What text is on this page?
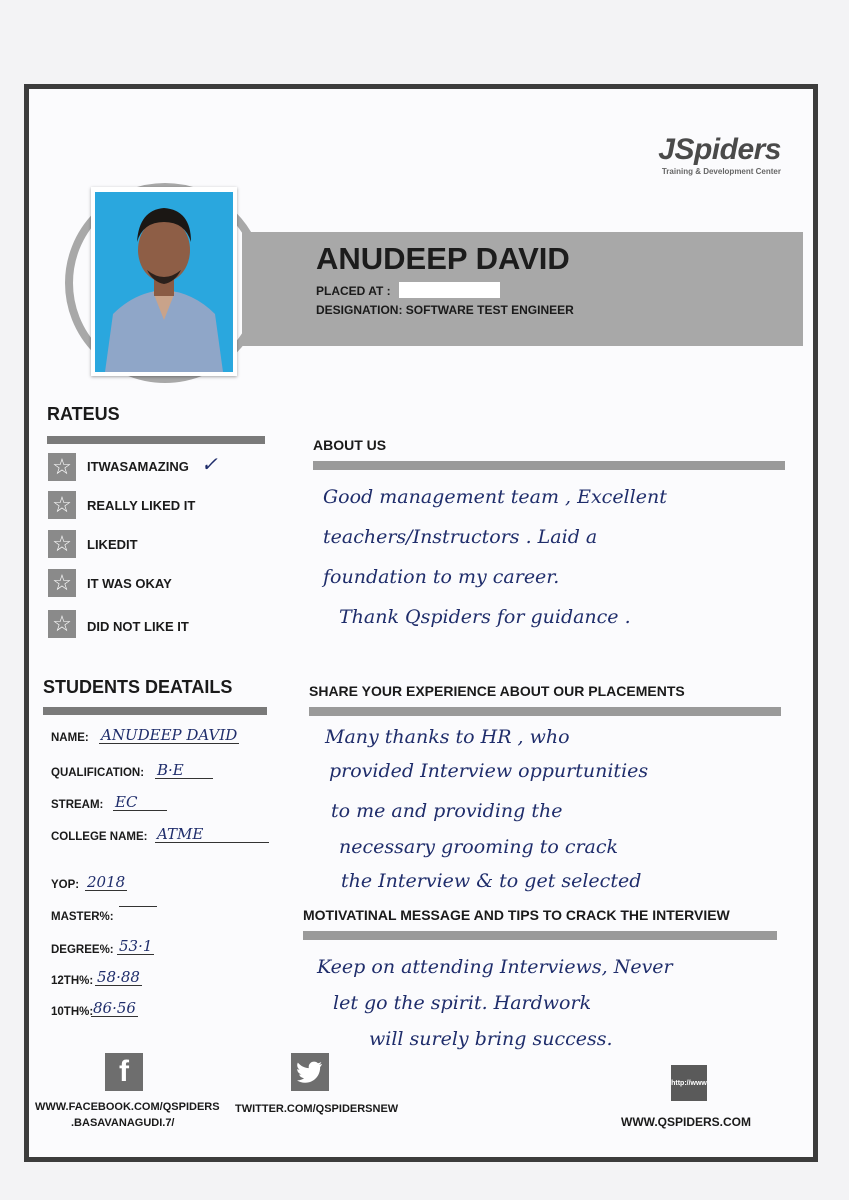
JSpiders
Training & Development Center
ANUDEEP DAVID
PLACED AT :
DESIGNATION: SOFTWARE TEST ENGINEER
RATEUS
☆ ITWASAMAZING ✓
☆ REALLY LIKED IT
☆ LIKEDIT
☆ IT WAS OKAY
☆ DID NOT LIKE IT
ABOUT US
Good management team , Excellent
teachers/Instructors . Laid a
foundation to my career.
Thank Qspiders for guidance .
STUDENTS DEATAILS
NAME: ANUDEEP DAVID
QUALIFICATION: B·E
STREAM: EC
COLLEGE NAME: ATME
YOP: 2018
MASTER%:
DEGREE%: 53·1
12TH%: 58·88
10TH%: 86·56
SHARE YOUR EXPERIENCE ABOUT OUR PLACEMENTS
Many thanks to HR , who
provided Interview oppurtunities
to me and providing the
necessary grooming to crack
the Interview & to get selected
MOTIVATINAL MESSAGE AND TIPS TO CRACK THE INTERVIEW
Keep on attending Interviews, Never
let go the spirit. Hardwork
will surely bring success.
f
WWW.FACEBOOK.COM/QSPIDERS
.BASAVANAGUDI.7/
TWITTER.COM/QSPIDERSNEW
http://www
WWW.QSPIDERS.COM
